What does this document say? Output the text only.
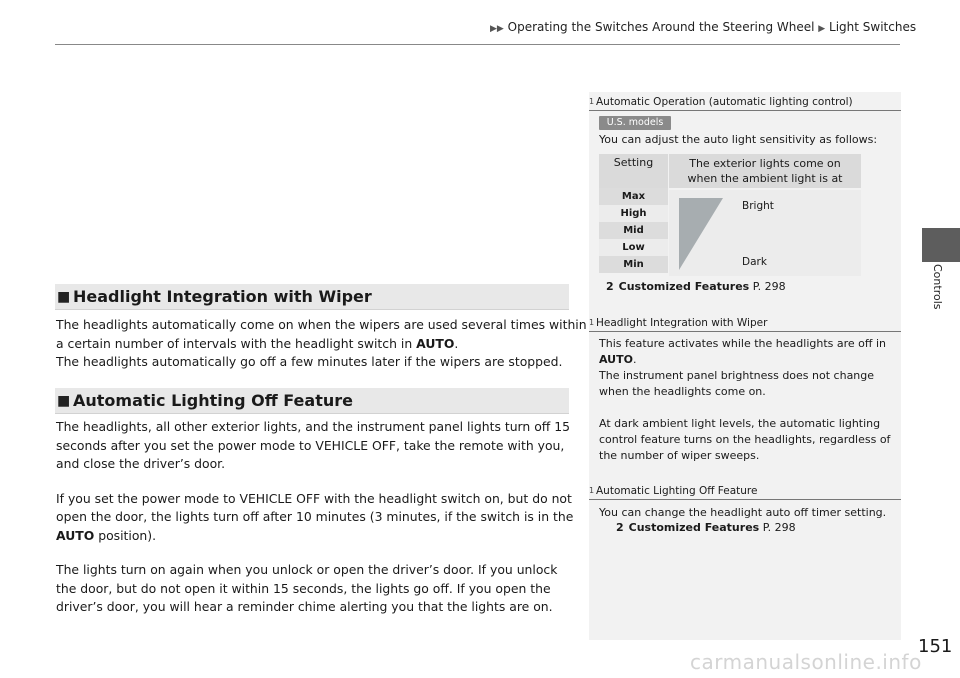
▶▶ Operating the Switches Around the Steering Wheel ▶ Light Switches
Controls
■ Headlight Integration with Wiper
The headlights automatically come on when the wipers are used several times within
a certain number of intervals with the headlight switch in AUTO.
The headlights automatically go off a few minutes later if the wipers are stopped.
■ Automatic Lighting Off Feature
The headlights, all other exterior lights, and the instrument panel lights turn off 15
seconds after you set the power mode to VEHICLE OFF, take the remote with you,
and close the driver’s door.
If you set the power mode to VEHICLE OFF with the headlight switch on, but do not
open the door, the lights turn off after 10 minutes (3 minutes, if the switch is in the
AUTO position).
The lights turn on again when you unlock or open the driver’s door. If you unlock
the door, but do not open it within 15 seconds, the lights go off. If you open the
driver’s door, you will hear a reminder chime alerting you that the lights are on.
1 Automatic Operation (automatic lighting control)
U.S. models
You can adjust the auto light sensitivity as follows:
Setting	The exterior lights come on
when the ambient light is at
Max
High
Mid
Low
Min
Bright
Dark
2 Customized Features P. 298
1 Headlight Integration with Wiper
This feature activates while the headlights are off in
AUTO.
The instrument panel brightness does not change
when the headlights come on.
At dark ambient light levels, the automatic lighting
control feature turns on the headlights, regardless of
the number of wiper sweeps.
1 Automatic Lighting Off Feature
You can change the headlight auto off timer setting.
2 Customized Features P. 298
151
carmanualsonline.info
